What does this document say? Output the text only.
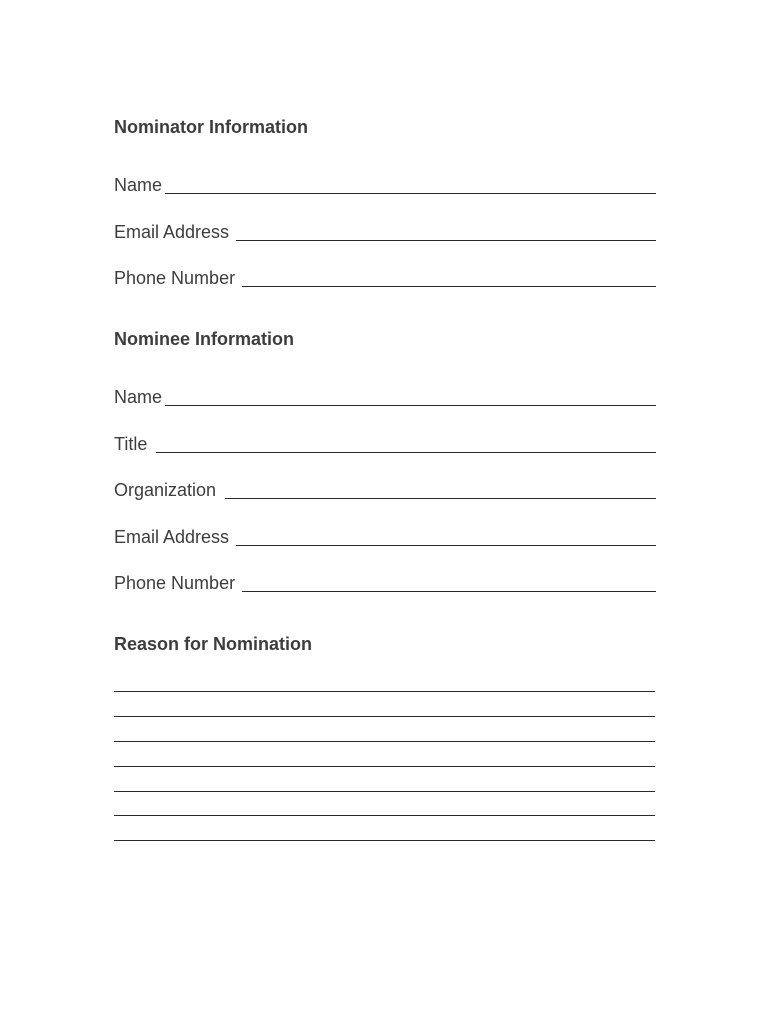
Nominator Information
Name
Email Address
Phone Number
Nominee Information
Name
Title
Organization
Email Address
Phone Number
Reason for Nomination
